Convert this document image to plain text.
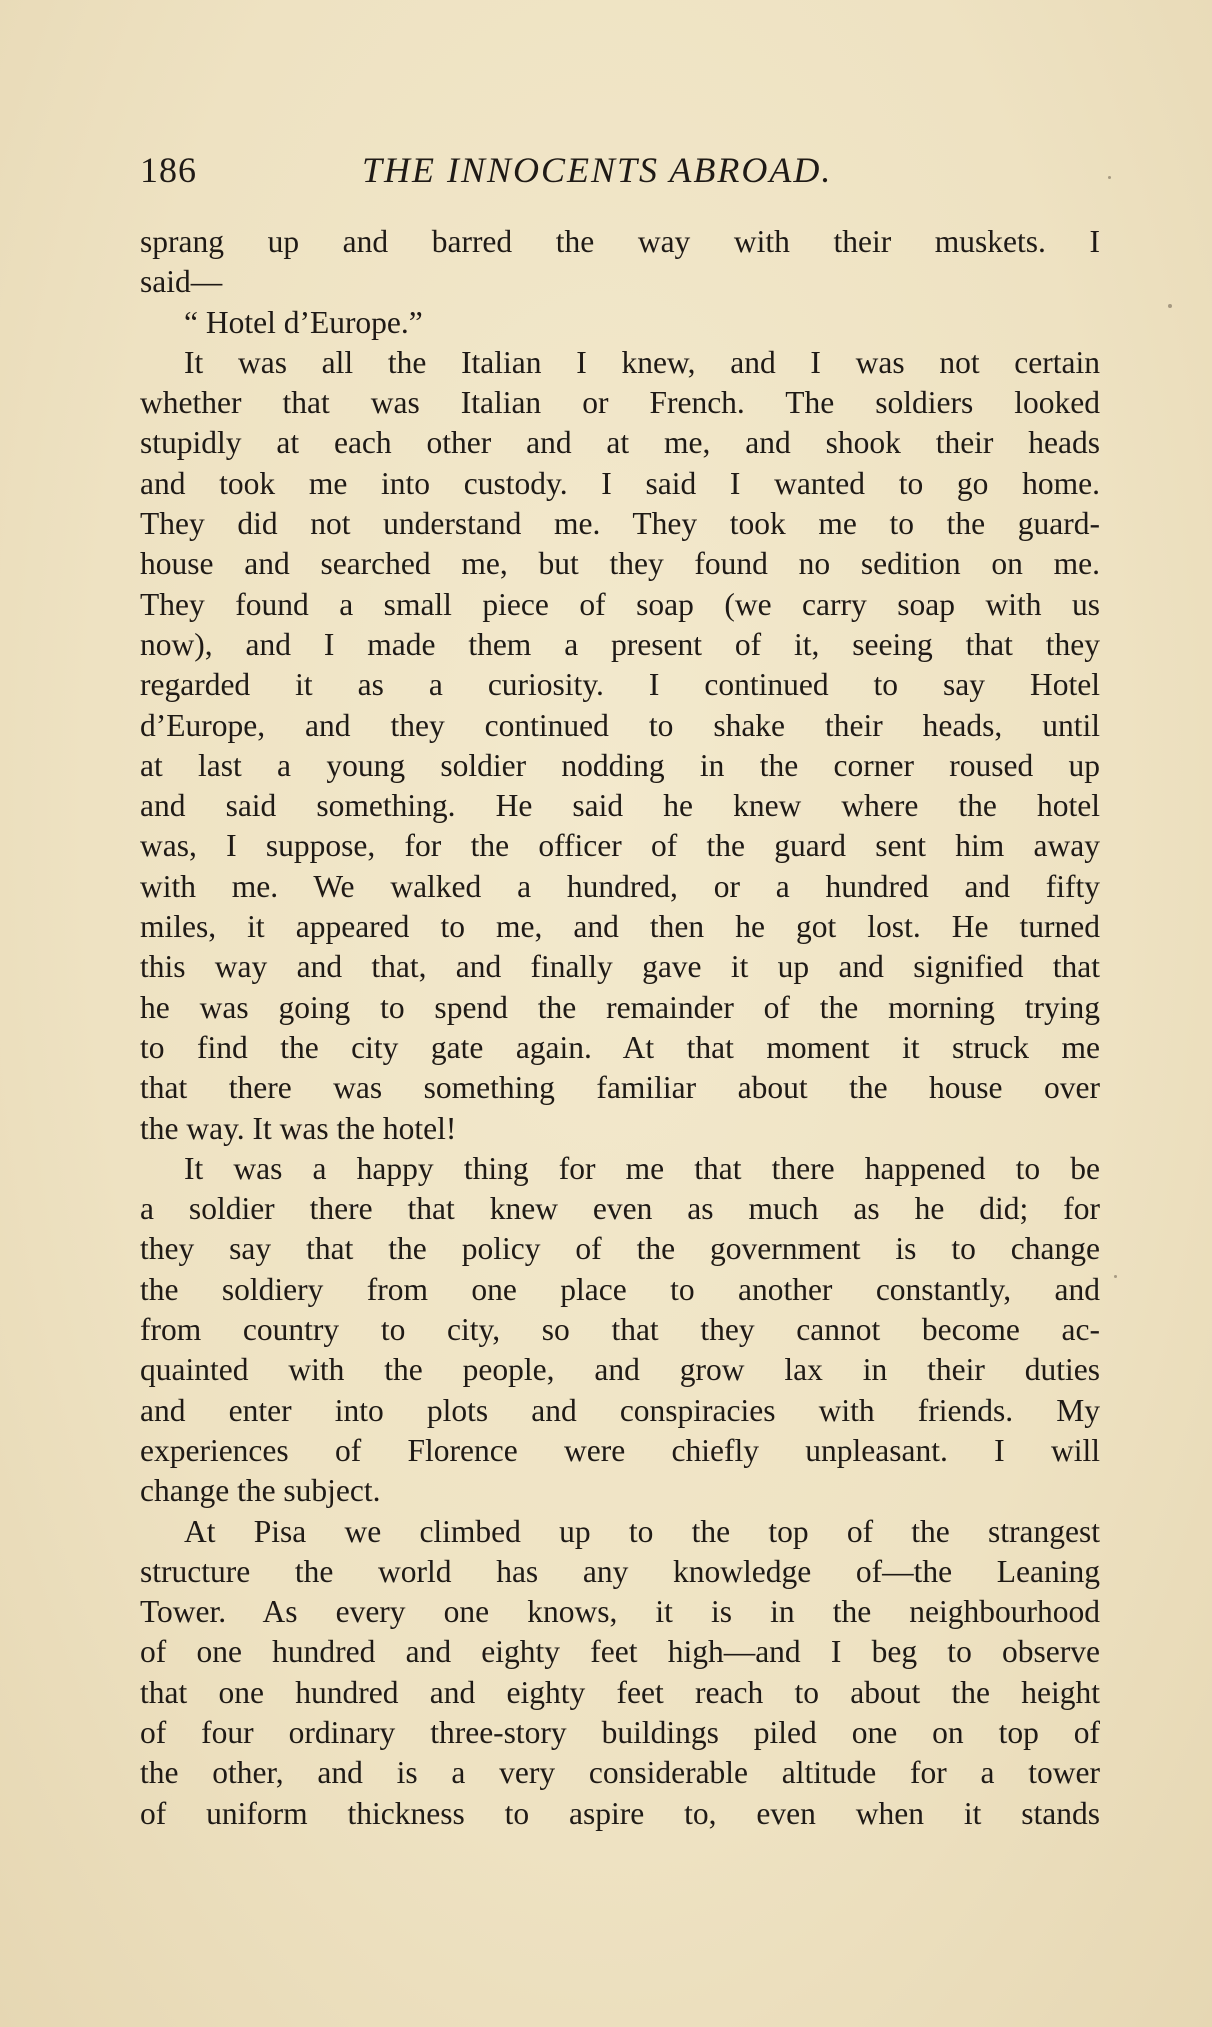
186	THE INNOCENTS ABROAD.
sprang up and barred the way with their muskets. I
said—
“ Hotel d’Europe.”
It was all the Italian I knew, and I was not certain
whether that was Italian or French. The soldiers looked
stupidly at each other and at me, and shook their heads
and took me into custody. I said I wanted to go home.
They did not understand me. They took me to the guard-
house and searched me, but they found no sedition on me.
They found a small piece of soap (we carry soap with us
now), and I made them a present of it, seeing that they
regarded it as a curiosity. I continued to say Hotel
d’Europe, and they continued to shake their heads, until
at last a young soldier nodding in the corner roused up
and said something. He said he knew where the hotel
was, I suppose, for the officer of the guard sent him away
with me. We walked a hundred, or a hundred and fifty
miles, it appeared to me, and then he got lost. He turned
this way and that, and finally gave it up and signified that
he was going to spend the remainder of the morning trying
to find the city gate again. At that moment it struck me
that there was something familiar about the house over
the way. It was the hotel!
It was a happy thing for me that there happened to be
a soldier there that knew even as much as he did; for
they say that the policy of the government is to change
the soldiery from one place to another constantly, and
from country to city, so that they cannot become ac-
quainted with the people, and grow lax in their duties
and enter into plots and conspiracies with friends. My
experiences of Florence were chiefly unpleasant. I will
change the subject.
At Pisa we climbed up to the top of the strangest
structure the world has any knowledge of—the Leaning
Tower. As every one knows, it is in the neighbourhood
of one hundred and eighty feet high—and I beg to observe
that one hundred and eighty feet reach to about the height
of four ordinary three-story buildings piled one on top of
the other, and is a very considerable altitude for a tower
of uniform thickness to aspire to, even when it stands
